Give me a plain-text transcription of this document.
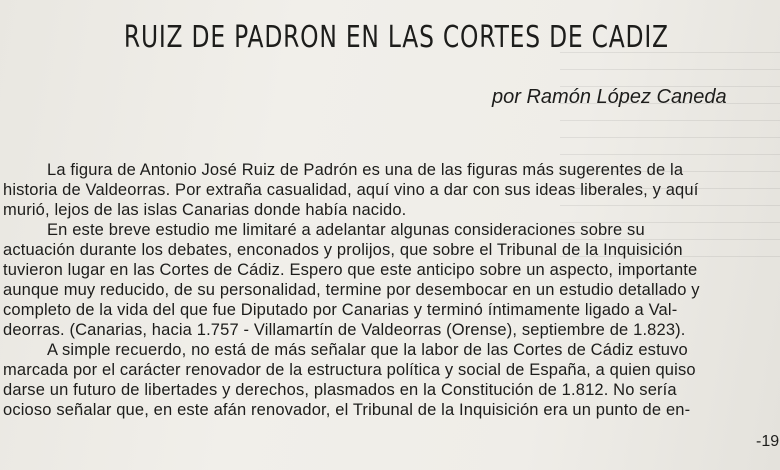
RUIZ DE PADRON EN LAS CORTES DE CADIZ
por Ramón López Caneda
La figura de Antonio José Ruiz de Padrón es una de las figuras más sugerentes de la
historia de Valdeorras. Por extraña casualidad, aquí vino a dar con sus ideas liberales, y aquí
murió, lejos de las islas Canarias donde había nacido.
En este breve estudio me limitaré a adelantar algunas consideraciones sobre su
actuación durante los debates, enconados y prolijos, que sobre el Tribunal de la Inquisición
tuvieron lugar en las Cortes de Cádiz. Espero que este anticipo sobre un aspecto, importante
aunque muy reducido, de su personalidad, termine por desembocar en un estudio detallado y
completo de la vida del que fue Diputado por Canarias y terminó íntimamente ligado a Val-
deorras. (Canarias, hacia 1.757 - Villamartín de Valdeorras (Orense), septiembre de 1.823).
A simple recuerdo, no está de más señalar que la labor de las Cortes de Cádiz estuvo
marcada por el carácter renovador de la estructura política y social de España, a quien quiso
darse un futuro de libertades y derechos, plasmados en la Constitución de 1.812. No sería
ocioso señalar que, en este afán renovador, el Tribunal de la Inquisición era un punto de en-
-19
